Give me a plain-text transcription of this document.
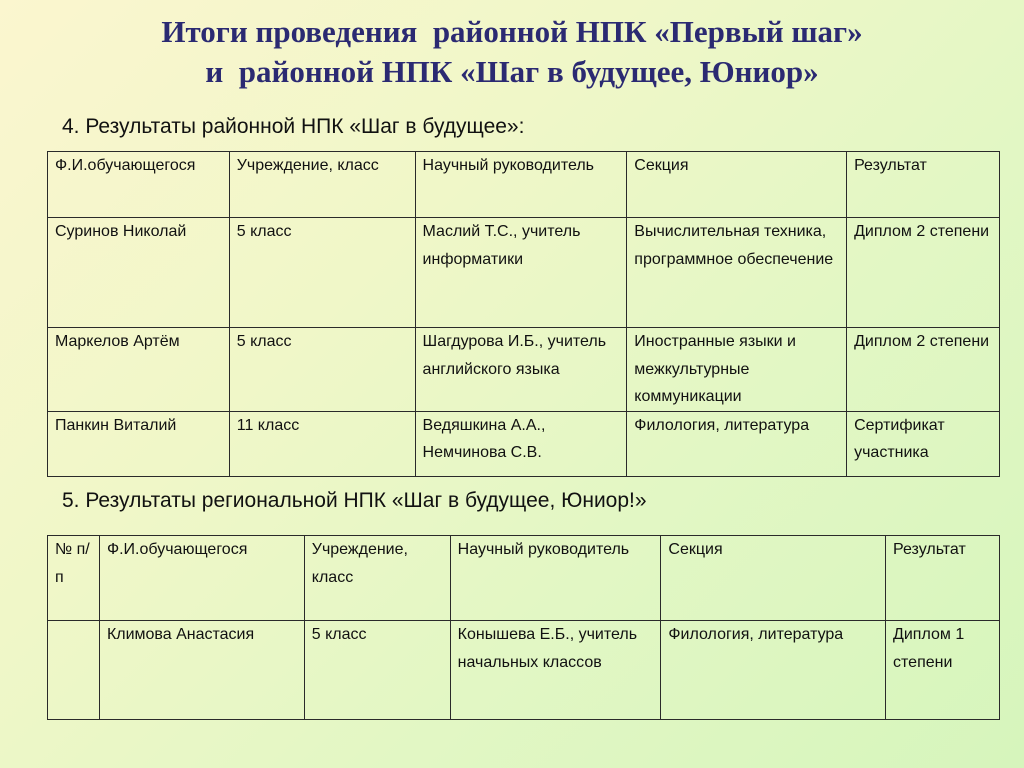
Итоги проведения  районной НПК «Первый шаг»
и  районной НПК «Шаг в будущее, Юниор»
4. Результаты районной НПК «Шаг в будущее»:
Ф.И.обучающегося	Учреждение, класс	Научный руководитель	Секция	Результат
Суринов Николай	5 класс	Маслий Т.С., учитель информатики	Вычислительная техника, программное обеспечение	Диплом 2 степени
Маркелов Артём	5 класс	Шагдурова И.Б., учитель английского языка	Иностранные языки и межкультурные коммуникации	Диплом 2 степени
Панкин Виталий	11 класс	Ведяшкина А.А., Немчинова С.В.	Филология, литература	Сертификат участника
5. Результаты региональной НПК «Шаг в будущее, Юниор!»
№ п/п	Ф.И.обучающегося	Учреждение, класс	Научный руководитель	Секция	Результат
	Климова Анастасия	5 класс	Конышева Е.Б., учитель начальных классов	Филология, литература	Диплом 1 степени
